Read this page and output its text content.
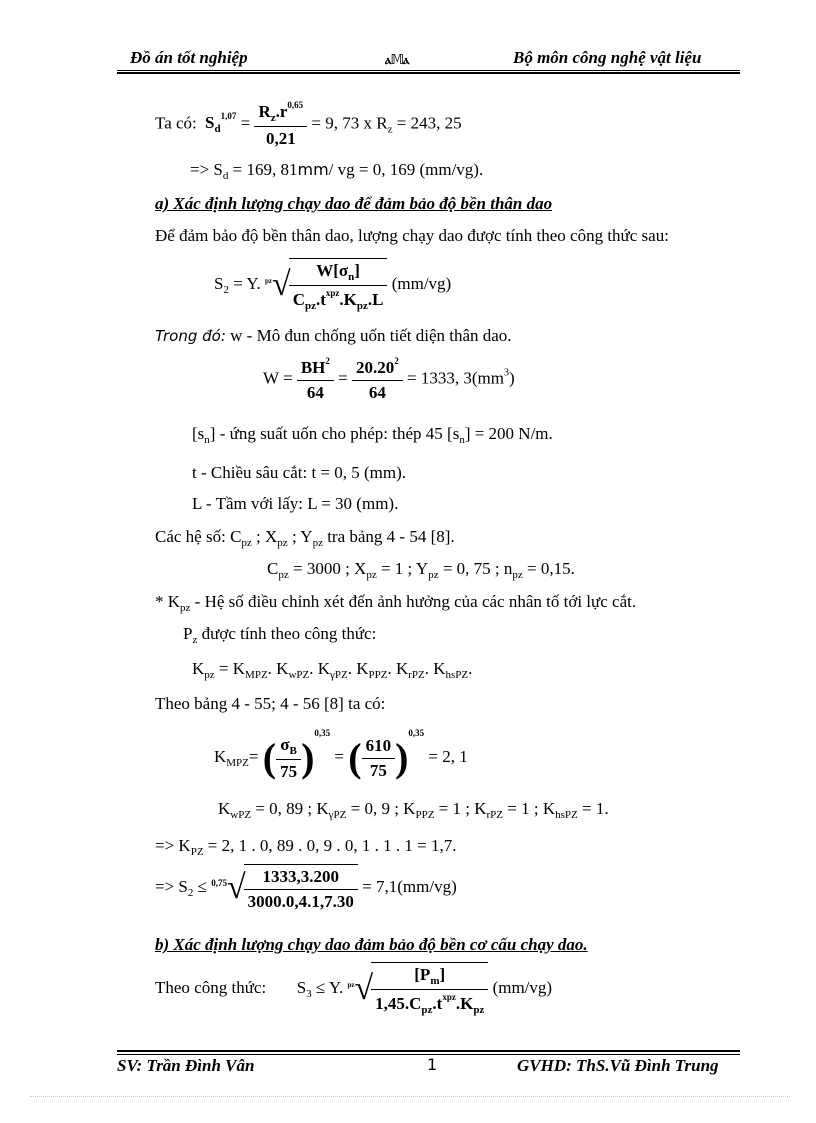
Đồ án tốt nghiệp	ⲁ𝕄ⲁ	Bộ môn công nghệ vật liệu
Ta có: $S_d^{1,07} = \frac{R_z.r^{0,65}}{0,21} = 9$, 73 x $R_z = 243$, 25
=> $S_d = 169$, 81mm/ vg = 0, 169 (mm/vg).
a) Xác định lượng chạy dao để đảm bảo độ bền thân dao
Để đảm bảo độ bền thân dao, lượng chạy dao được tính theo công thức sau:
$S_2 = Y$. $^{pz}$√
$\frac{W[\sigma_n]}{C_{pz}.t^{xpz}.K_{pz}.L} (mm/vg)$
Trong đó: w - Mô đun chống uốn tiết diện thân dao.
$W = \frac{BH^2}{64} = \frac{20.20^2}{64} = 1333$, $3(mm^3)$
$[s_n]$ - ứng suất uốn cho phép: thép 45 $[s_n] = 200$ N/m.
t - Chiều sâu cắt: t = 0, 5 (mm).
L - Tầm với lấy: L = 30 (mm).
Các hệ số: $C_{pz}$ ; $X_{pz}$ ; $Y_{pz}$ tra bảng 4 - 54 [8].
$C_{pz} = 3000$ ; $X_{pz} = 1$ ; $Y_{pz} = 0$, 75 ; $n_{pz} = 0,15$.
* $K_{pz}$ - Hệ số điều chỉnh xét đến ảnh hưởng của các nhân tố tới lực cắt.
$P_z$ được tính theo công thức:
$K_{pz} = K_{MPZ}$. $K_{wPZ}$. $K_{\gamma PZ}$. $K_{PPZ}$. $K_{rPZ}$. $K_{hsPZ}$.
Theo bảng 4 - 55; 4 - 56 [8] ta có:
$K_{MPZ}=$ ( $\frac{\sigma_B}{75} )^{0,35}$ = ( $\frac{610}{75} )^{0,35} = 2$, 1
$K_{wPZ} = 0$, 89 ; $K_{\gamma PZ} = 0$, 9 ; $K_{PPZ} = 1$ ; $K_{rPZ} = 1$ ; $K_{hsPZ} = 1$.
=> $K_{PZ} = 2$, 1 . 0, 89 . 0, 9 . 0, 1 . 1 . 1 = 1,7.
=> $S_2 \le ^{0,75}√$
$\frac{1333,3.200}{3000.0,4.1,7.30} = 7,1(mm/vg)$
b) Xác định lượng chạy dao đảm bảo độ bền cơ cấu chạy dao.
Theo công thức: $S_3 \le Y$. $^{pz}$√
$\frac{[P_m]}{1,45.C_{pz}.t^{xpz}.K_{pz}} (mm/vg)$
SV: Trần Đình Vân	1	GVHD: ThS.Vũ Đình Trung
